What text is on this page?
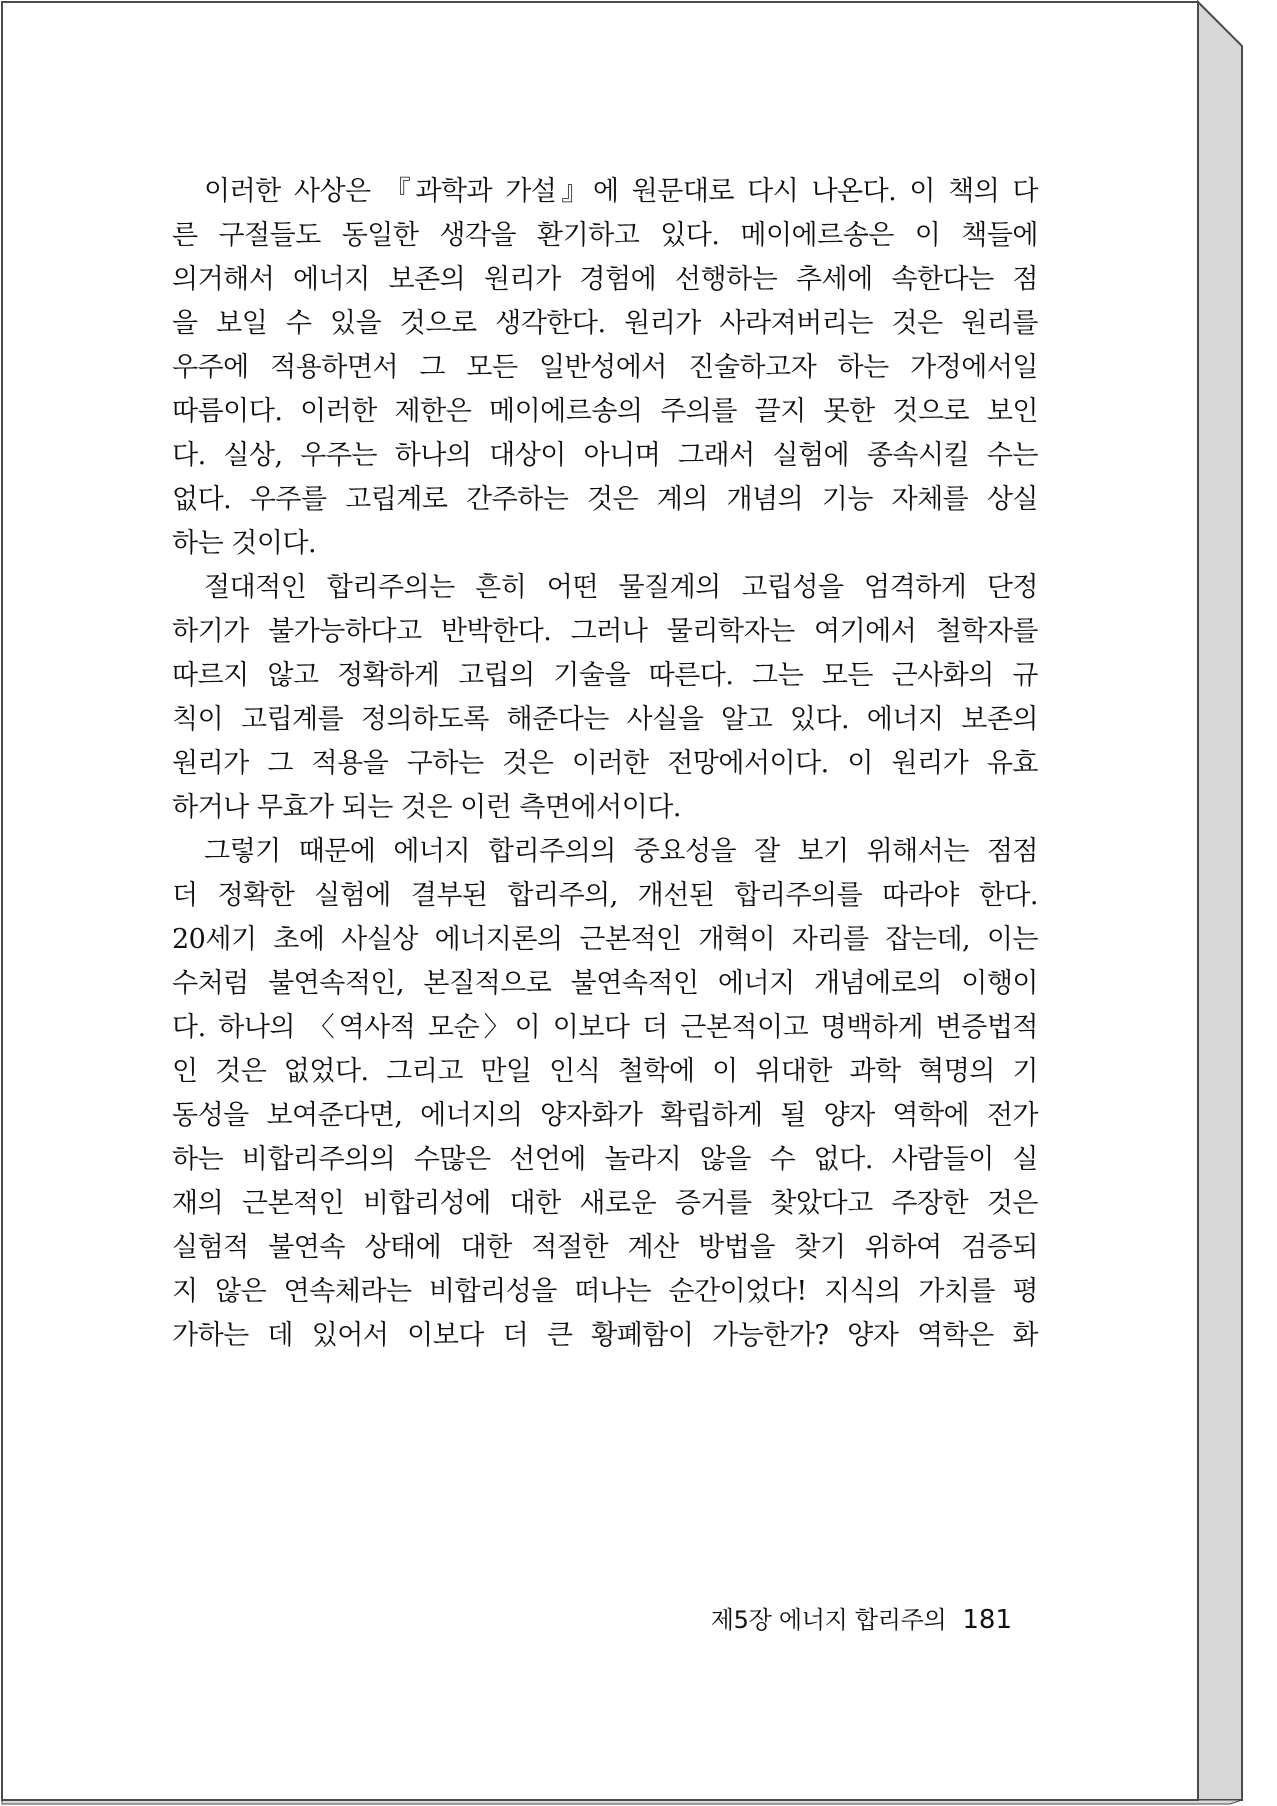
이러한 사상은 『과학과 가설』에 원문대로 다시 나온다. 이 책의 다
른 구절들도 동일한 생각을 환기하고 있다. 메이에르송은 이 책들에
의거해서 에너지 보존의 원리가 경험에 선행하는 추세에 속한다는 점
을 보일 수 있을 것으로 생각한다. 원리가 사라져버리는 것은 원리를
우주에 적용하면서 그 모든 일반성에서 진술하고자 하는 가정에서일
따름이다. 이러한 제한은 메이에르송의 주의를 끌지 못한 것으로 보인
다. 실상, 우주는 하나의 대상이 아니며 그래서 실험에 종속시킬 수는
없다. 우주를 고립계로 간주하는 것은 계의 개념의 기능 자체를 상실
하는 것이다.
절대적인 합리주의는 흔히 어떤 물질계의 고립성을 엄격하게 단정
하기가 불가능하다고 반박한다. 그러나 물리학자는 여기에서 철학자를
따르지 않고 정확하게 고립의 기술을 따른다. 그는 모든 근사화의 규
칙이 고립계를 정의하도록 해준다는 사실을 알고 있다. 에너지 보존의
원리가 그 적용을 구하는 것은 이러한 전망에서이다. 이 원리가 유효
하거나 무효가 되는 것은 이런 측면에서이다.
그렇기 때문에 에너지 합리주의의 중요성을 잘 보기 위해서는 점점
더 정확한 실험에 결부된 합리주의, 개선된 합리주의를 따라야 한다.
20세기 초에 사실상 에너지론의 근본적인 개혁이 자리를 잡는데, 이는
수처럼 불연속적인, 본질적으로 불연속적인 에너지 개념에로의 이행이
다. 하나의 〈역사적 모순〉이 이보다 더 근본적이고 명백하게 변증법적
인 것은 없었다. 그리고 만일 인식 철학에 이 위대한 과학 혁명의 기
동성을 보여준다면, 에너지의 양자화가 확립하게 될 양자 역학에 전가
하는 비합리주의의 수많은 선언에 놀라지 않을 수 없다. 사람들이 실
재의 근본적인 비합리성에 대한 새로운 증거를 찾았다고 주장한 것은
실험적 불연속 상태에 대한 적절한 계산 방법을 찾기 위하여 검증되
지 않은 연속체라는 비합리성을 떠나는 순간이었다! 지식의 가치를 평
가하는 데 있어서 이보다 더 큰 황폐함이 가능한가? 양자 역학은 화
제5장 에너지 합리주의 181
